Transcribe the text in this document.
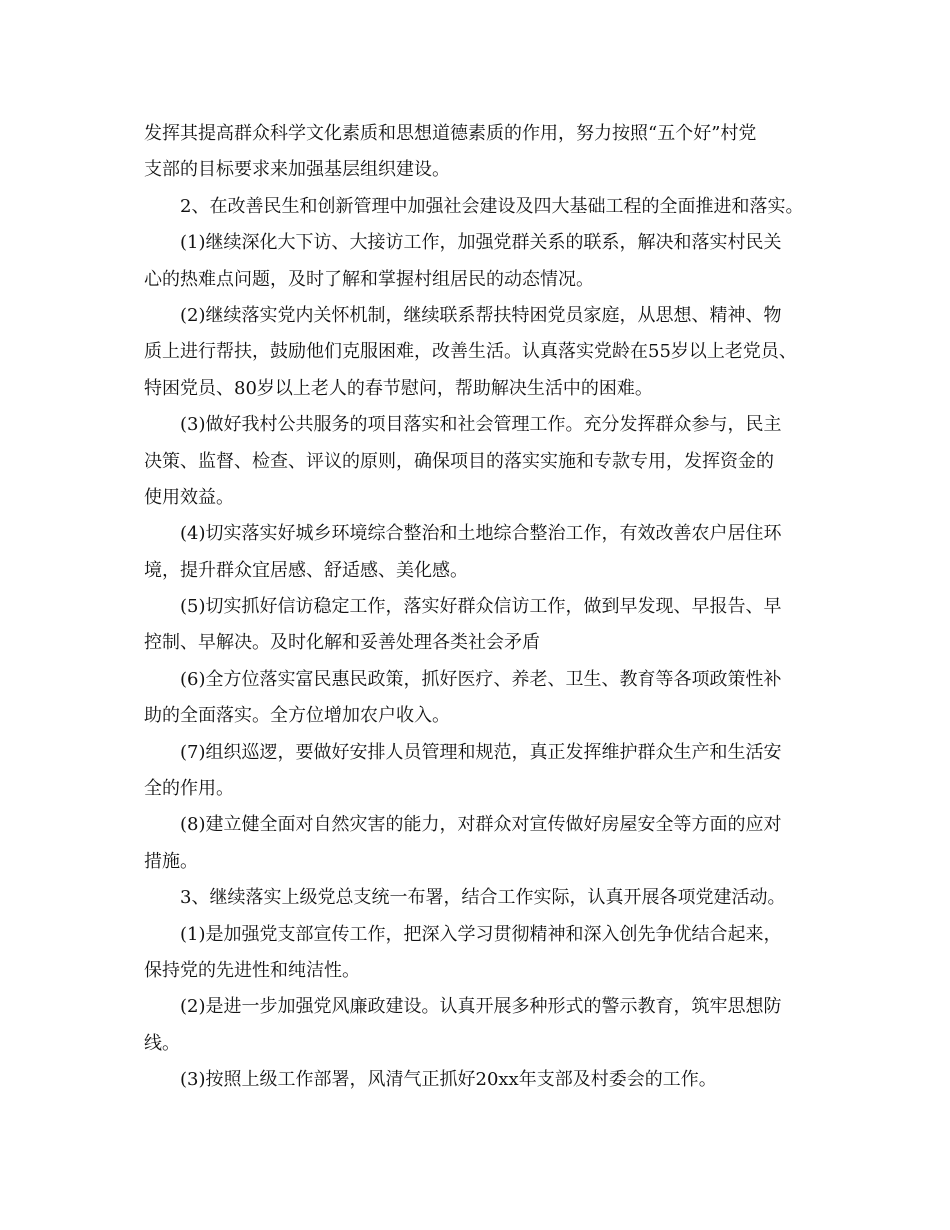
发挥其提高群众科学文化素质和思想道德素质的作用，努力按照“五个好”村党
支部的目标要求来加强基层组织建设。
2、在改善民生和创新管理中加强社会建设及四大基础工程的全面推进和落实。
(1)继续深化大下访、大接访工作，加强党群关系的联系，解决和落实村民关
心的热难点问题，及时了解和掌握村组居民的动态情况。
(2)继续落实党内关怀机制，继续联系帮扶特困党员家庭，从思想、精神、物
质上进行帮扶，鼓励他们克服困难，改善生活。认真落实党龄在55岁以上老党员、
特困党员、80岁以上老人的春节慰问，帮助解决生活中的困难。
(3)做好我村公共服务的项目落实和社会管理工作。充分发挥群众参与，民主
决策、监督、检查、评议的原则，确保项目的落实实施和专款专用，发挥资金的
使用效益。
(4)切实落实好城乡环境综合整治和土地综合整治工作，有效改善农户居住环
境，提升群众宜居感、舒适感、美化感。
(5)切实抓好信访稳定工作，落实好群众信访工作，做到早发现、早报告、早
控制、早解决。及时化解和妥善处理各类社会矛盾
(6)全方位落实富民惠民政策，抓好医疗、养老、卫生、教育等各项政策性补
助的全面落实。全方位增加农户收入。
(7)组织巡逻，要做好安排人员管理和规范，真正发挥维护群众生产和生活安
全的作用。
(8)建立健全面对自然灾害的能力，对群众对宣传做好房屋安全等方面的应对
措施。
3、继续落实上级党总支统一布署，结合工作实际，认真开展各项党建活动。
(1)是加强党支部宣传工作，把深入学习贯彻精神和深入创先争优结合起来，
保持党的先进性和纯洁性。
(2)是进一步加强党风廉政建设。认真开展多种形式的警示教育，筑牢思想防
线。
(3)按照上级工作部署，风清气正抓好20xx年支部及村委会的工作。
